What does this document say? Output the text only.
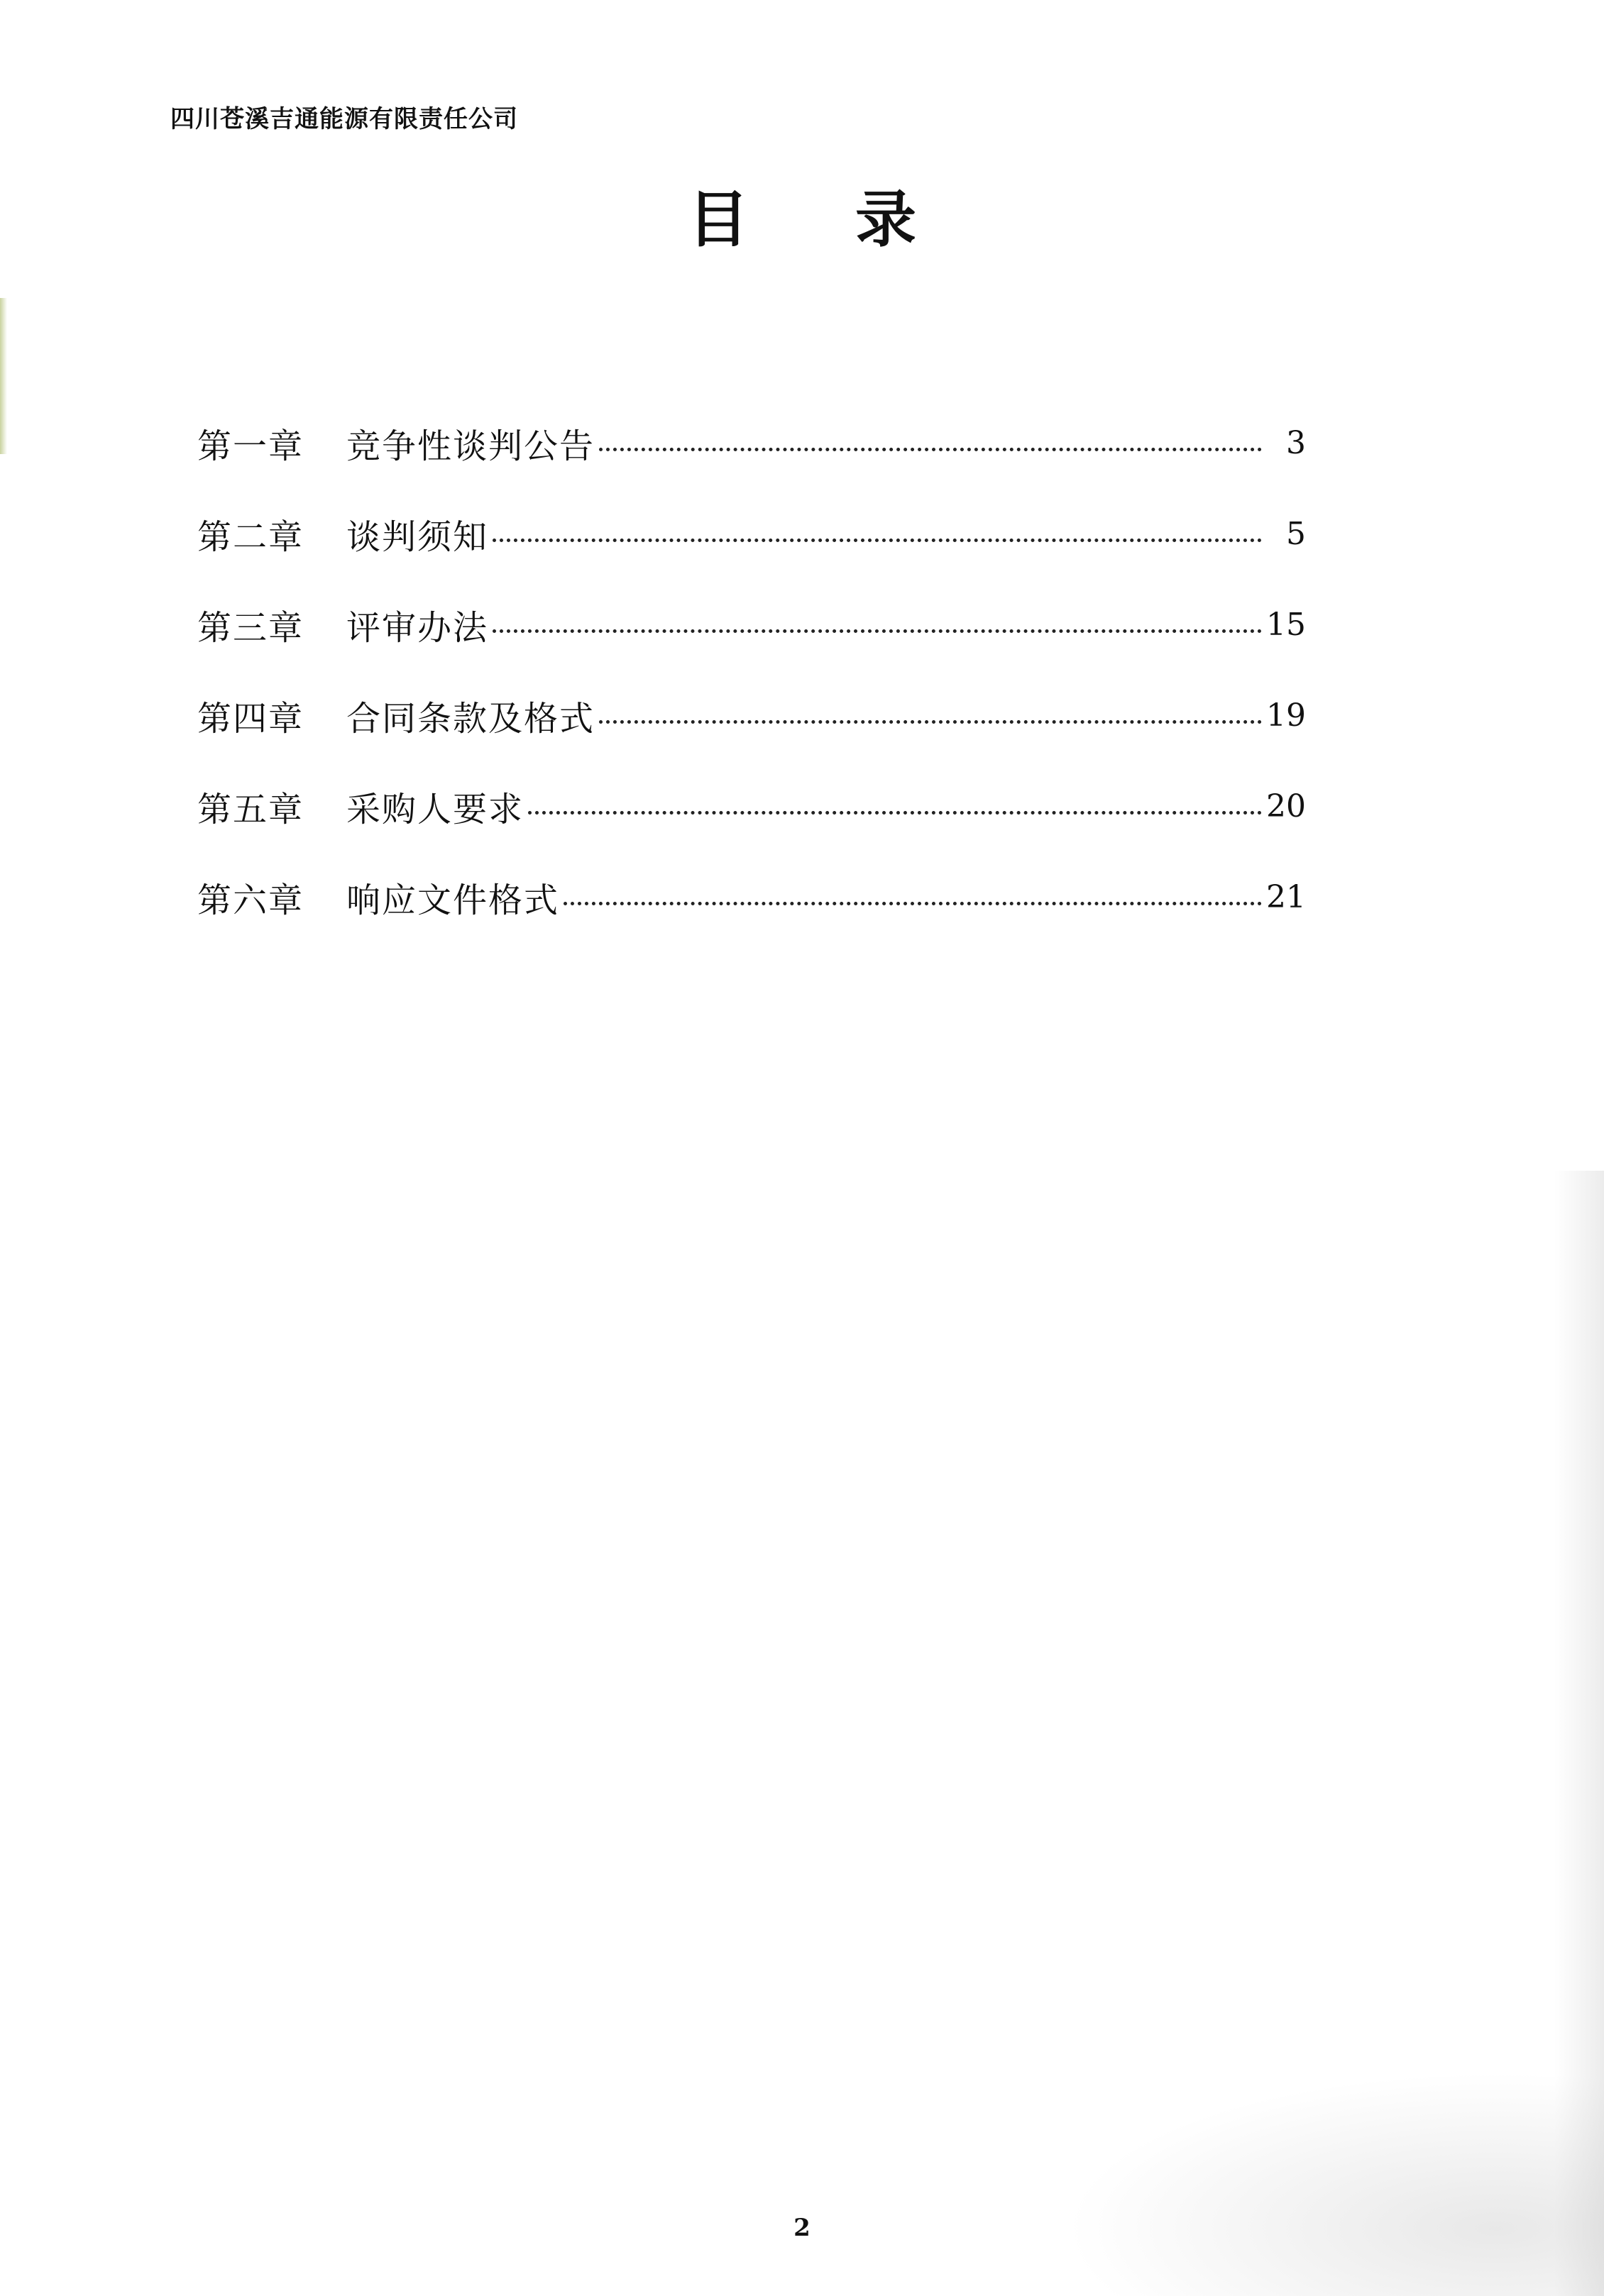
四川苍溪吉通能源有限责任公司
目录
第一章	竞争性谈判公告	3
第二章	谈判须知	5
第三章	评审办法	15
第四章	合同条款及格式	19
第五章	采购人要求	20
第六章	响应文件格式	21
2
